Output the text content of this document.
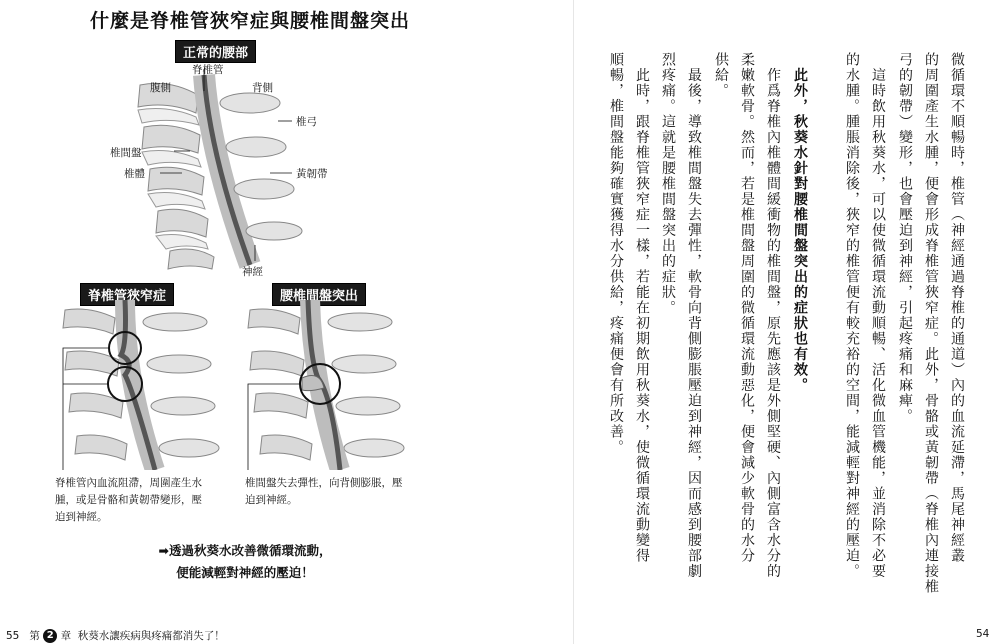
什麼是脊椎管狹窄症與腰椎間盤突出
正常的腰部
脊椎管
腹側	背側
椎弓
椎間盤
椎體	黃韌帶
神經
脊椎管狹窄症
脊椎管內血流阻滯，周圍產生水
腫，或是骨骼和黃韌帶變形，壓
迫到神經。
腰椎間盤突出
椎間盤失去彈性，向背側膨脹，壓
迫到神經。
➡透過秋葵水改善微循環流動，
便能減輕對神經的壓迫！
微循環不順暢時，椎管（神經通過脊椎的通道）內的血流延滯，馬尾神經叢
的周圍產生水腫，便會形成脊椎管狹窄症。此外，骨骼或黃韌帶（脊椎內連接椎
弓的韌帶）變形，也會壓迫到神經，引起疼痛和麻痺。
　這時飲用秋葵水，可以使微循環流動順暢、活化微血管機能，並消除不必要
的水腫。腫脹消除後，狹窄的椎管便有較充裕的空間，能減輕對神經的壓迫。
　此外，秋葵水針對腰椎間盤突出的症狀也有效。
　作爲脊椎內椎體間緩衝物的椎間盤，原先應該是外側堅硬、內側富含水分的
柔嫩軟骨。然而，若是椎間盤周圍的微循環流動惡化，便會減少軟骨的水分
供給。
　最後，導致椎間盤失去彈性，軟骨向背側膨脹壓迫到神經，因而感到腰部劇
烈疼痛。這就是腰椎間盤突出的症狀。
　此時，跟脊椎管狹窄症一樣，若能在初期飲用秋葵水，使微循環流動變得
順暢，椎間盤能夠確實獲得水分供給，疼痛便會有所改善。
55 第 2 章 秋葵水讓疾病與疼痛都消失了！	54
